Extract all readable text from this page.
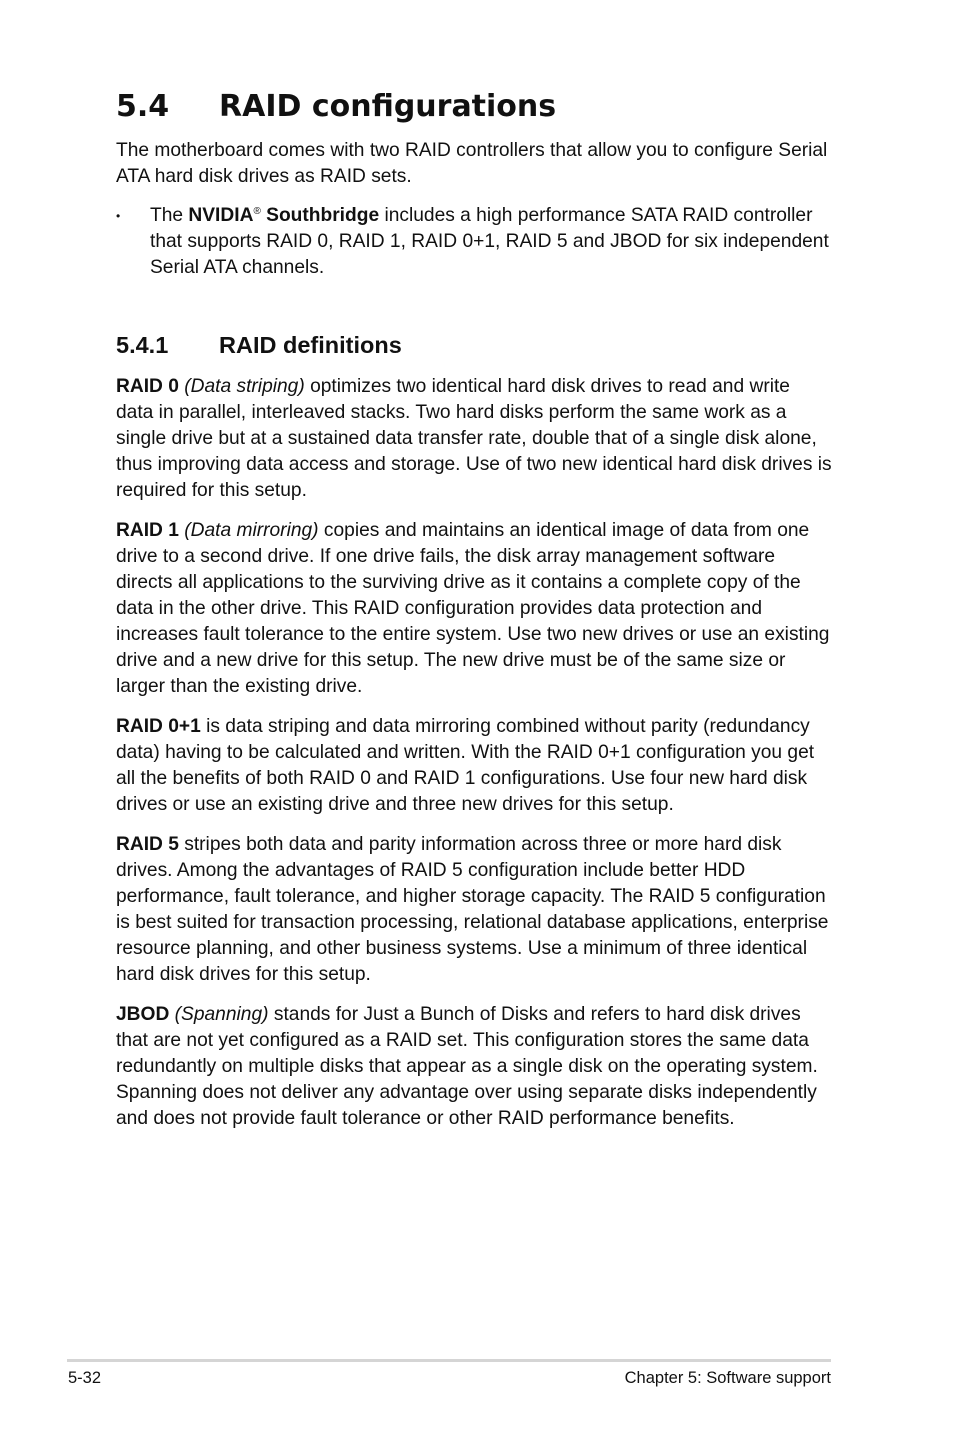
5.4 RAID configurations

The motherboard comes with two RAID controllers that allow you to configure Serial ATA hard disk drives as RAID sets.

• The NVIDIA® Southbridge includes a high performance SATA RAID controller that supports RAID 0, RAID 1, RAID 0+1, RAID 5 and JBOD for six independent Serial ATA channels.
5.4.1 RAID definitions

RAID 0 (Data striping) optimizes two identical hard disk drives to read and write data in parallel, interleaved stacks. Two hard disks perform the same work as a single drive but at a sustained data transfer rate, double that of a single disk alone, thus improving data access and storage. Use of two new identical hard disk drives is required for this setup.

RAID 1 (Data mirroring) copies and maintains an identical image of data from one drive to a second drive. If one drive fails, the disk array management software directs all applications to the surviving drive as it contains a complete copy of the data in the other drive. This RAID configuration provides data protection and increases fault tolerance to the entire system. Use two new drives or use an existing drive and a new drive for this setup. The new drive must be of the same size or larger than the existing drive.

RAID 0+1 is data striping and data mirroring combined without parity (redundancy data) having to be calculated and written. With the RAID 0+1 configuration you get all the benefits of both RAID 0 and RAID 1 configurations. Use four new hard disk drives or use an existing drive and three new drives for this setup.

RAID 5 stripes both data and parity information across three or more hard disk drives. Among the advantages of RAID 5 configuration include better HDD performance, fault tolerance, and higher storage capacity. The RAID 5 configuration is best suited for transaction processing, relational database applications, enterprise resource planning, and other business systems. Use a minimum of three identical hard disk drives for this setup.

JBOD (Spanning) stands for Just a Bunch of Disks and refers to hard disk drives that are not yet configured as a RAID set. This configuration stores the same data redundantly on multiple disks that appear as a single disk on the operating system. Spanning does not deliver any advantage over using separate disks independently and does not provide fault tolerance or other RAID performance benefits.

5-32	Chapter 5: Software support
